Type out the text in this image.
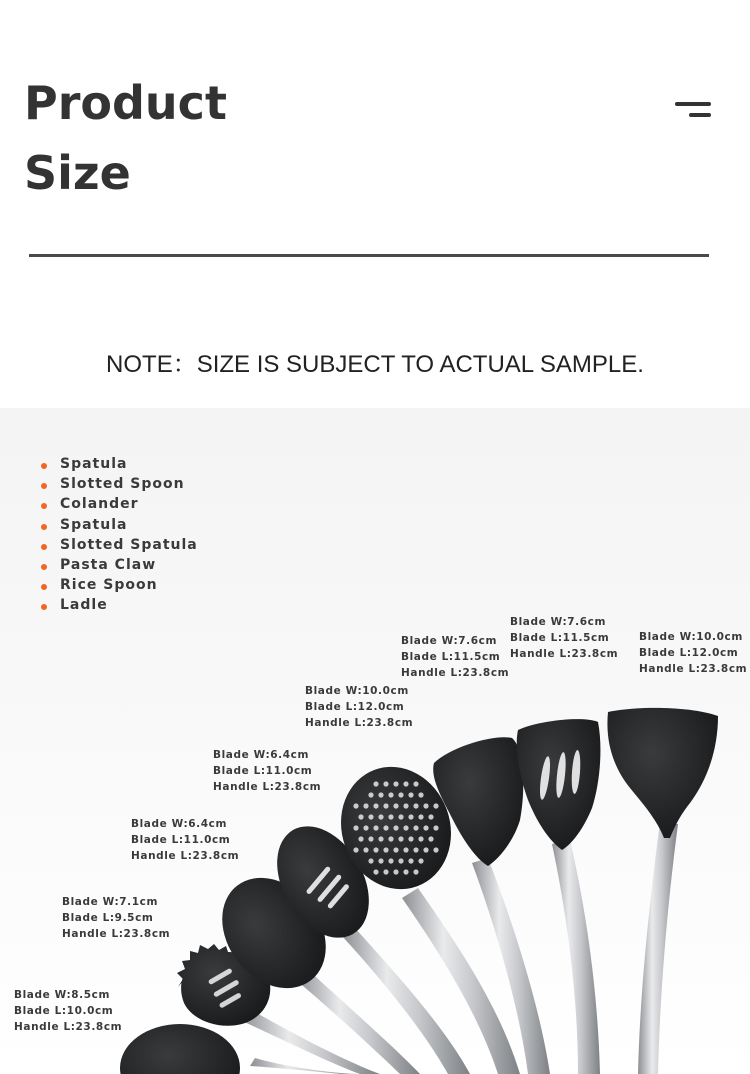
Product
Size
NOTE：SIZE IS SUBJECT TO ACTUAL SAMPLE.
Spatula
Slotted Spoon
Colander
Spatula
Slotted Spatula
Pasta Claw
Rice Spoon
Ladle
Blade W:8.5cm
Blade L:10.0cm
Handle L:23.8cm
Blade W:7.1cm
Blade L:9.5cm
Handle L:23.8cm
Blade W:6.4cm
Blade L:11.0cm
Handle L:23.8cm
Blade W:6.4cm
Blade L:11.0cm
Handle L:23.8cm
Blade W:10.0cm
Blade L:12.0cm
Handle L:23.8cm
Blade W:7.6cm
Blade L:11.5cm
Handle L:23.8cm
Blade W:7.6cm
Blade L:11.5cm
Handle L:23.8cm
Blade W:10.0cm
Blade L:12.0cm
Handle L:23.8cm
